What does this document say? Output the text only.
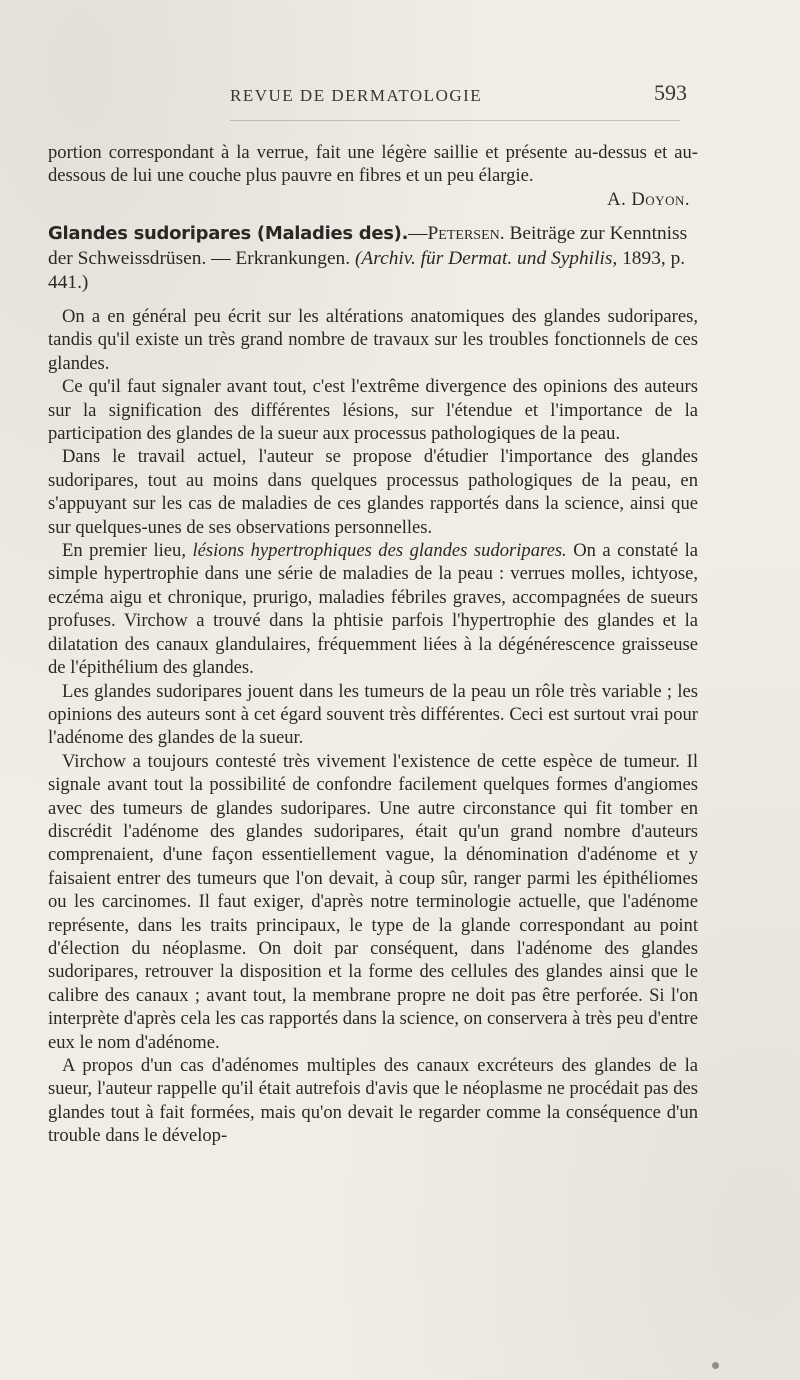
REVUE DE DERMATOLOGIE	593

portion correspondant à la verrue, fait une légère saillie et présente au-dessus et au-dessous de lui une couche plus pauvre en fibres et un peu élargie.

A. Doyon.

Glandes sudoripares (Maladies des).—Petersen. Beiträge zur Kenntniss der Schweissdrüsen. — Erkrankungen. (Archiv. für Dermat. und Syphilis, 1893, p. 441.)

On a en général peu écrit sur les altérations anatomiques des glandes sudoripares, tandis qu'il existe un très grand nombre de travaux sur les troubles fonctionnels de ces glandes.

Ce qu'il faut signaler avant tout, c'est l'extrême divergence des opinions des auteurs sur la signification des différentes lésions, sur l'étendue et l'importance de la participation des glandes de la sueur aux processus pathologiques de la peau.

Dans le travail actuel, l'auteur se propose d'étudier l'importance des glandes sudoripares, tout au moins dans quelques processus pathologiques de la peau, en s'appuyant sur les cas de maladies de ces glandes rapportés dans la science, ainsi que sur quelques-unes de ses observations personnelles.

En premier lieu, lésions hypertrophiques des glandes sudoripares. On a constaté la simple hypertrophie dans une série de maladies de la peau : verrues molles, ichtyose, eczéma aigu et chronique, prurigo, maladies fébriles graves, accompagnées de sueurs profuses. Virchow a trouvé dans la phtisie parfois l'hypertrophie des glandes et la dilatation des canaux glandulaires, fréquemment liées à la dégénérescence graisseuse de l'épithélium des glandes.

Les glandes sudoripares jouent dans les tumeurs de la peau un rôle très variable ; les opinions des auteurs sont à cet égard souvent très différentes. Ceci est surtout vrai pour l'adénome des glandes de la sueur.

Virchow a toujours contesté très vivement l'existence de cette espèce de tumeur. Il signale avant tout la possibilité de confondre facilement quelques formes d'angiomes avec des tumeurs de glandes sudoripares. Une autre circonstance qui fit tomber en discrédit l'adénome des glandes sudoripares, était qu'un grand nombre d'auteurs comprenaient, d'une façon essentiellement vague, la dénomination d'adénome et y faisaient entrer des tumeurs que l'on devait, à coup sûr, ranger parmi les épithéliomes ou les carcinomes. Il faut exiger, d'après notre terminologie actuelle, que l'adénome représente, dans les traits principaux, le type de la glande correspondant au point d'élection du néoplasme. On doit par conséquent, dans l'adénome des glandes sudoripares, retrouver la disposition et la forme des cellules des glandes ainsi que le calibre des canaux ; avant tout, la membrane propre ne doit pas être perforée. Si l'on interprète d'après cela les cas rapportés dans la science, on conservera à très peu d'entre eux le nom d'adénome.

A propos d'un cas d'adénomes multiples des canaux excréteurs des glandes de la sueur, l'auteur rappelle qu'il était autrefois d'avis que le néoplasme ne procédait pas des glandes tout à fait formées, mais qu'on devait le regarder comme la conséquence d'un trouble dans le dévelop-
